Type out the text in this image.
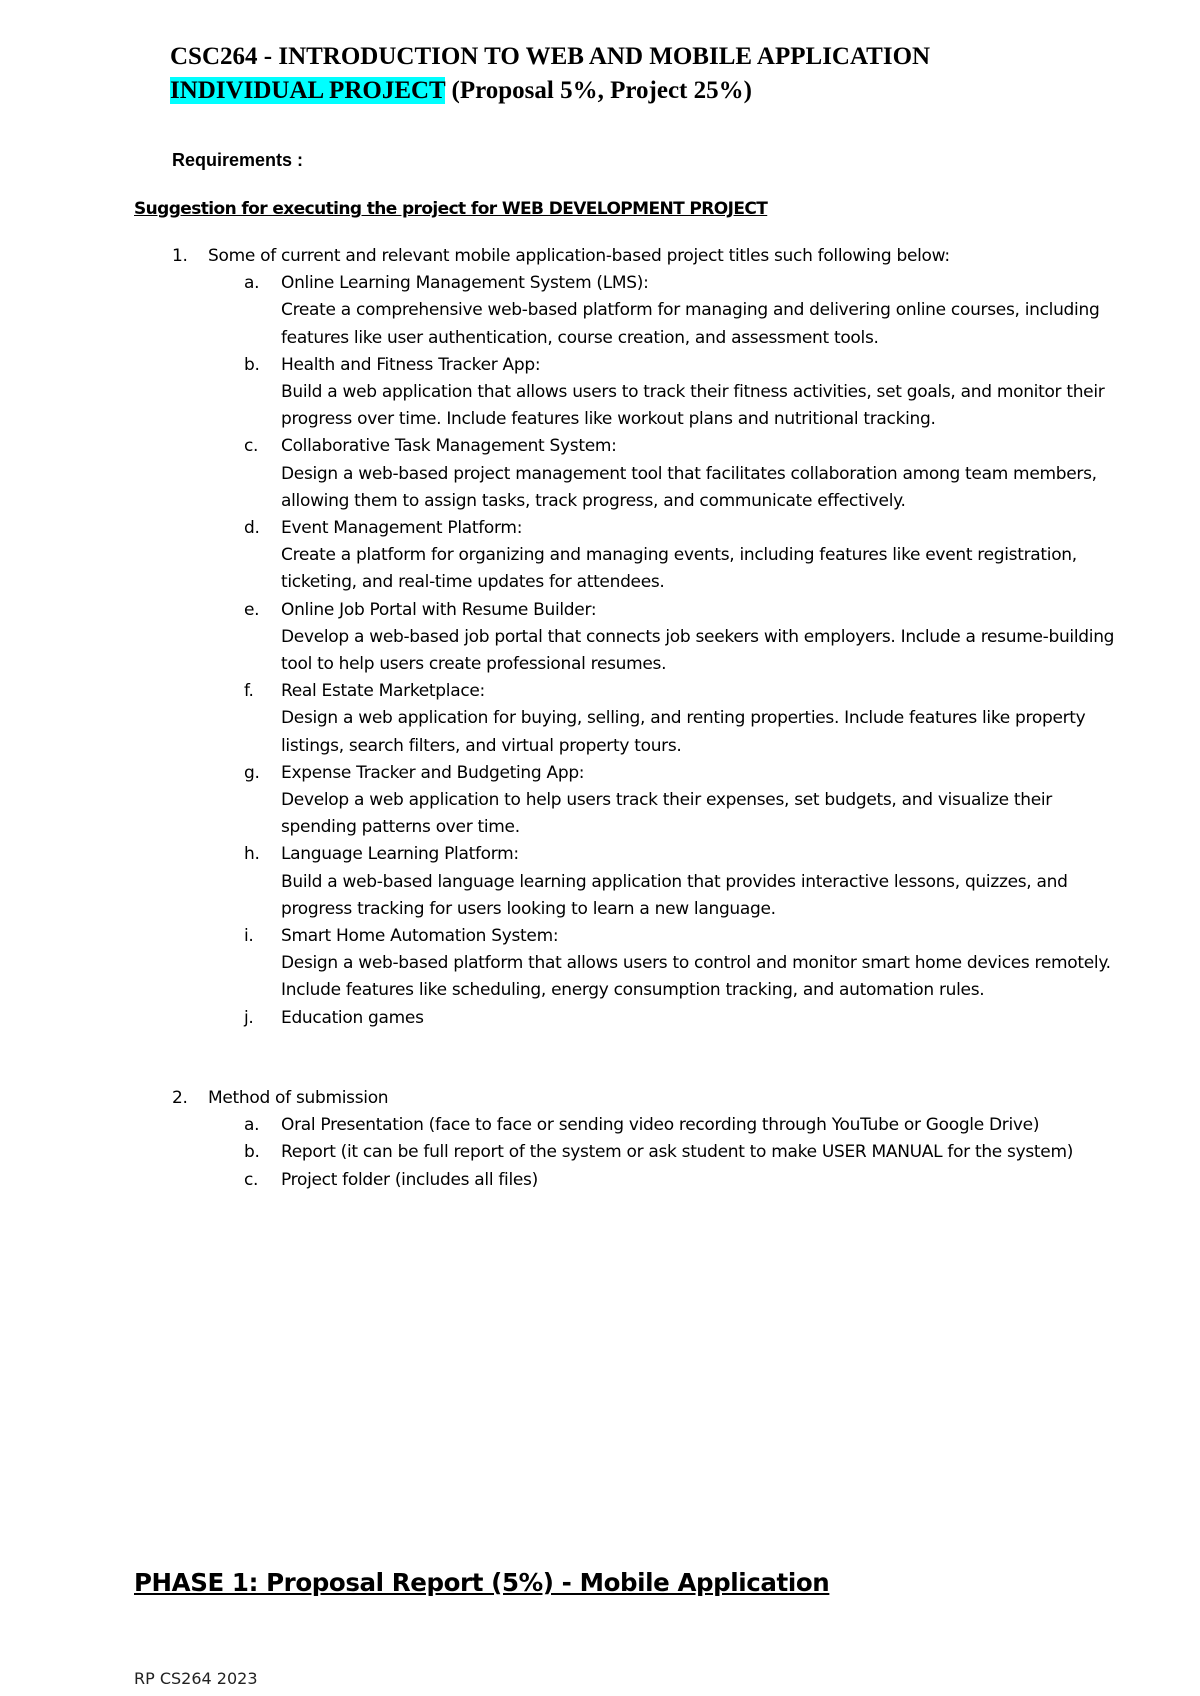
CSC264 - INTRODUCTION TO WEB AND MOBILE APPLICATION
INDIVIDUAL PROJECT (Proposal 5%, Project 25%)
Requirements :
Suggestion for executing the project for WEB DEVELOPMENT PROJECT
1. Some of current and relevant mobile application-based project titles such following below:
a. Online Learning Management System (LMS):
Create a comprehensive web-based platform for managing and delivering online courses, including features like user authentication, course creation, and assessment tools.
b. Health and Fitness Tracker App:
Build a web application that allows users to track their fitness activities, set goals, and monitor their progress over time. Include features like workout plans and nutritional tracking.
c. Collaborative Task Management System:
Design a web-based project management tool that facilitates collaboration among team members, allowing them to assign tasks, track progress, and communicate effectively.
d. Event Management Platform:
Create a platform for organizing and managing events, including features like event registration, ticketing, and real-time updates for attendees.
e. Online Job Portal with Resume Builder:
Develop a web-based job portal that connects job seekers with employers. Include a resume-building tool to help users create professional resumes.
f. Real Estate Marketplace:
Design a web application for buying, selling, and renting properties. Include features like property listings, search filters, and virtual property tours.
g. Expense Tracker and Budgeting App:
Develop a web application to help users track their expenses, set budgets, and visualize their spending patterns over time.
h. Language Learning Platform:
Build a web-based language learning application that provides interactive lessons, quizzes, and progress tracking for users looking to learn a new language.
i. Smart Home Automation System:
Design a web-based platform that allows users to control and monitor smart home devices remotely. Include features like scheduling, energy consumption tracking, and automation rules.
j. Education games
2. Method of submission
a. Oral Presentation (face to face or sending video recording through YouTube or Google Drive)
b. Report (it can be full report of the system or ask student to make USER MANUAL for the system)
c. Project folder (includes all files)
PHASE 1: Proposal Report (5%) - Mobile Application
RP CS264 2023
